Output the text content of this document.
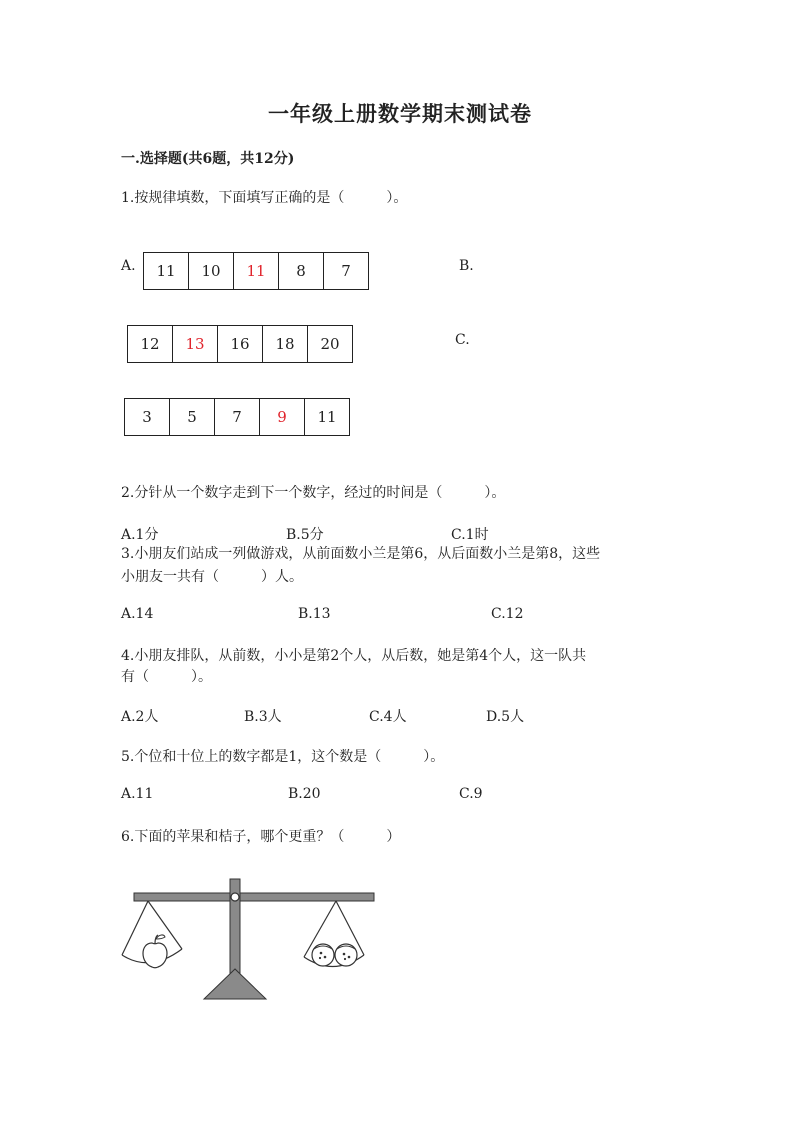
一年级上册数学期末测试卷
一.选择题(共6题，共12分)
1.按规律填数，下面填写正确的是（　　　）。
A.	11	10	11	8	7	B.
12	13	16	18	20	C.
3	5	7	9	11
2.分针从一个数字走到下一个数字，经过的时间是（　　　）。
A.1分	B.5分	C.1时
3.小朋友们站成一列做游戏，从前面数小兰是第6，从后面数小兰是第8，这些
小朋友一共有（　　　）人。
A.14	B.13	C.12
4.小朋友排队，从前数，小小是第2个人，从后数，她是第4个人，这一队共
有（　　　）。
A.2人	B.3人	C.4人	D.5人
5.个位和十位上的数字都是1，这个数是（　　　）。
A.11	B.20	C.9
6.下面的苹果和桔子，哪个更重？（　　　）
